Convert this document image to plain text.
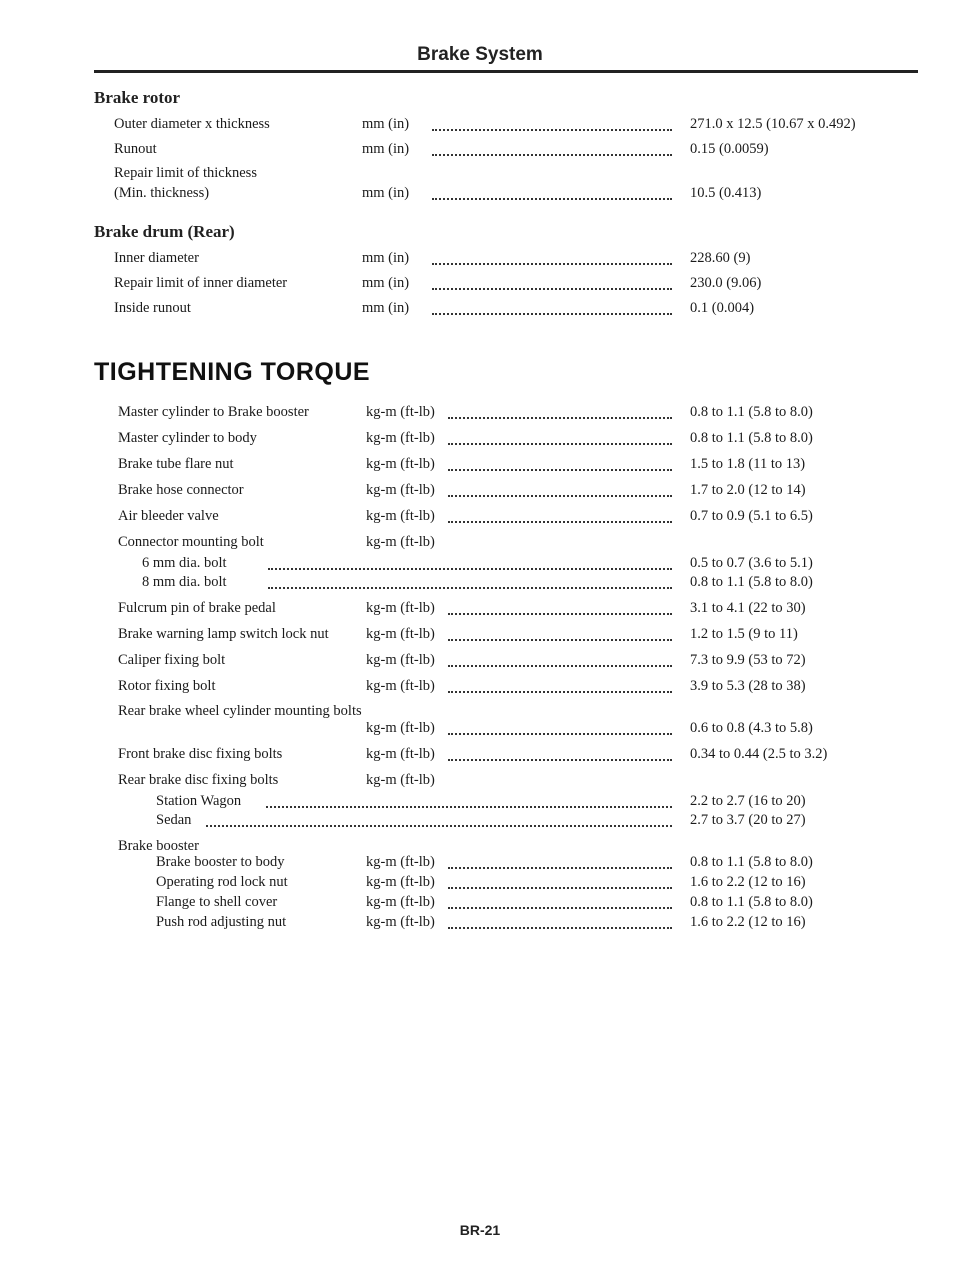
Brake System
Brake rotor
Outer diameter x thickness	mm (in)	271.0 x 12.5 (10.67 x 0.492)
Runout	mm (in)	0.15 (0.0059)
Repair limit of thickness
(Min. thickness)	mm (in)	10.5 (0.413)
Brake drum (Rear)
Inner diameter	mm (in)	228.60 (9)
Repair limit of inner diameter	mm (in)	230.0 (9.06)
Inside runout	mm (in)	0.1 (0.004)
TIGHTENING TORQUE
Master cylinder to Brake booster	kg-m (ft-lb)	0.8 to 1.1 (5.8 to 8.0)
Master cylinder to body	kg-m (ft-lb)	0.8 to 1.1 (5.8 to 8.0)
Brake tube flare nut	kg-m (ft-lb)	1.5 to 1.8 (11 to 13)
Brake hose connector	kg-m (ft-lb)	1.7 to 2.0 (12 to 14)
Air bleeder valve	kg-m (ft-lb)	0.7 to 0.9 (5.1 to 6.5)
Connector mounting bolt	kg-m (ft-lb)
6 mm dia. bolt	0.5 to 0.7 (3.6 to 5.1)
8 mm dia. bolt	0.8 to 1.1 (5.8 to 8.0)
Fulcrum pin of brake pedal	kg-m (ft-lb)	3.1 to 4.1 (22 to 30)
Brake warning lamp switch lock nut	kg-m (ft-lb)	1.2 to 1.5 (9 to 11)
Caliper fixing bolt	kg-m (ft-lb)	7.3 to 9.9 (53 to 72)
Rotor fixing bolt	kg-m (ft-lb)	3.9 to 5.3 (28 to 38)
Rear brake wheel cylinder mounting bolts
kg-m (ft-lb)	0.6 to 0.8 (4.3 to 5.8)
Front brake disc fixing bolts	kg-m (ft-lb)	0.34 to 0.44 (2.5 to 3.2)
Rear brake disc fixing bolts	kg-m (ft-lb)
Station Wagon	2.2 to 2.7 (16 to 20)
Sedan	2.7 to 3.7 (20 to 27)
Brake booster
Brake booster to body	kg-m (ft-lb)	0.8 to 1.1 (5.8 to 8.0)
Operating rod lock nut	kg-m (ft-lb)	1.6 to 2.2 (12 to 16)
Flange to shell cover	kg-m (ft-lb)	0.8 to 1.1 (5.8 to 8.0)
Push rod adjusting nut	kg-m (ft-lb)	1.6 to 2.2 (12 to 16)
BR-21
